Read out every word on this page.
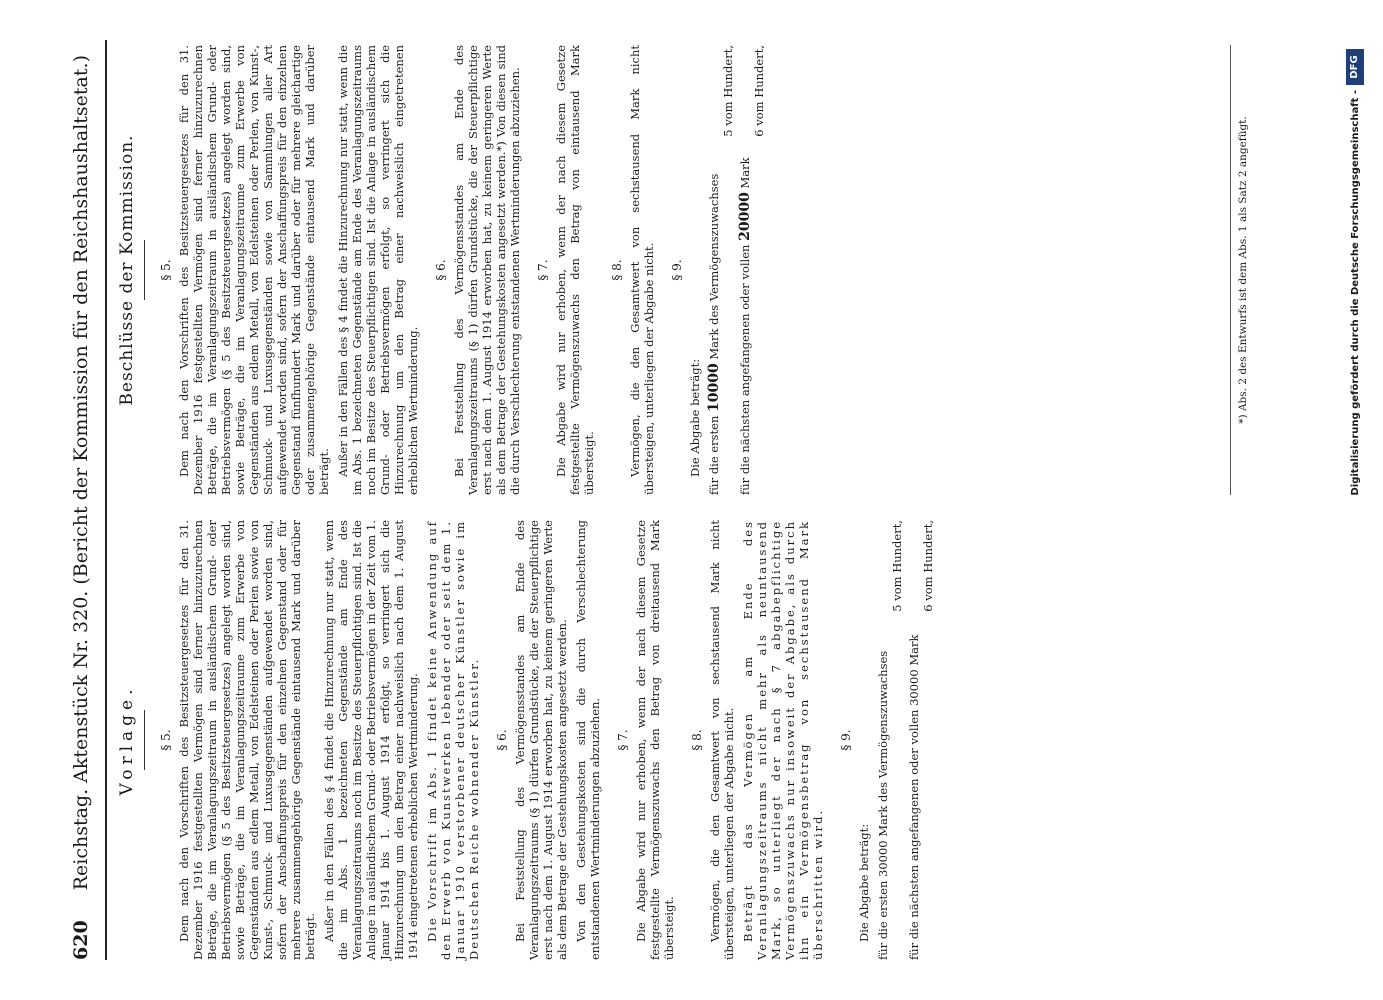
620 Reichstag. Aktenstück Nr. 320. (Bericht der Kommission für den Reichshaushaltsetat.)	Vorlage. § 5. Dem nach den Vorschriften des Besitzsteuergesetzes für den 31. Dezember 1916 festgestellten Vermögen sind ferner hinzuzurechnen Beträge, die im Veranlagungszeitraum in ausländischem Grund- oder Betriebsvermögen (§ 5 des Besitzsteuergesetzes) angelegt worden sind, sowie Beträge, die im Veranlagungszeitraume zum Erwerbe von Gegenständen aus edlem Metall, von Edelsteinen oder Perlen sowie von Kunst-, Schmuck- und Luxusgegenständen aufgewendet worden sind, sofern der Anschaffungspreis für den einzelnen Gegenstand oder für mehrere zusammengehörige Gegenstände eintausend Mark und darüber beträgt. Außer in den Fällen des § 4 findet die Hinzurechnung nur statt, wenn die im Abs. 1 bezeichneten Gegenstände am Ende des Veranlagungszeitraums noch im Besitze des Steuerpflichtigen sind. Ist die Anlage in ausländischem Grund- oder Betriebsvermögen in der Zeit vom 1. Januar 1914 bis 1. August 1914 erfolgt, so verringert sich die Hinzurechnung um den Betrag einer nachweislich nach dem 1. August 1914 eingetretenen erheblichen Wertminderung. Die Vorschrift im Abs. 1 findet keine Anwendung auf den Erwerb von Kunstwerken lebender oder seit dem 1. Januar 1910 verstorbener deutscher Künstler sowie im Deutschen Reiche wohnender Künstler. § 6. Bei Feststellung des Vermögensstandes am Ende des Veranlagungszeitraums (§ 1) dürfen Grundstücke, die der Steuerpflichtige erst nach dem 1. August 1914 erworben hat, zu keinem geringeren Werte als dem Betrage der Gestehungskosten angesetzt werden. Von den Gestehungskosten sind die durch Verschlechterung entstandenen Wertminderungen abzuziehen. § 7. Die Abgabe wird nur erhoben, wenn der nach diesem Gesetze festgestellte Vermögenszuwachs den Betrag von dreitausend Mark übersteigt.

§ 8. Vermögen, die den Gesamtwert von sechstausend Mark nicht übersteigen, unterliegen der Abgabe nicht. Beträgt das Vermögen am Ende des Veranlagungszeitraums nicht mehr als neuntausend Mark, so unterliegt der nach § 7 abgabepflichtige Vermögenszuwachs nur insoweit der Abgabe, als durch ihn ein Vermögensbetrag von sechstausend Mark überschritten wird.

§ 9.

Die Abgabe beträgt: für die ersten 30000 Mark des Vermögenszuwachses
5 vom Hundert,
für die nächsten angefangenen oder vollen 30000 Mark
6 vom Hundert,
Beschlüsse der Kommission. § 5. Dem nach den Vorschriften des Besitzsteuergesetzes für den 31. Dezember 1916 festgestellten Vermögen sind ferner hinzuzurechnen Beträge, die im Veranlagungszeitraum in ausländischem Grund- oder Betriebsvermögen (§ 5 des Besitzsteuergesetzes) angelegt worden sind, sowie Beträge, die im Veranlagungszeitraume zum Erwerbe von Gegenständen aus edlem Metall, von Edelsteinen oder Perlen, von Kunst-, Schmuck- und Luxusgegenständen sowie von Sammlungen aller Art aufgewendet worden sind, sofern der Anschaffungspreis für den einzelnen Gegenstand fünfhundert Mark und darüber oder für mehrere gleichartige oder zusammengehörige Gegenstände eintausend Mark und darüber beträgt. Außer in den Fällen des § 4 findet die Hinzurechnung nur statt, wenn die im Abs. 1 bezeichneten Gegenstände am Ende des Veranlagungszeitraums noch im Besitze des Steuerpflichtigen sind. Ist die Anlage in ausländischem Grund- oder Betriebsvermögen erfolgt, so verringert sich die Hinzurechnung um den Betrag einer nachweislich eingetretenen erheblichen Wertminderung.

§ 6. Bei Feststellung des Vermögensstandes am Ende des Veranlagungszeitraums (§ 1) dürfen Grundstücke, die der Steuerpflichtige erst nach dem 1. August 1914 erworben hat, zu keinem geringeren Werte als dem Betrage der Gestehungskosten angesetzt werden.*) Von diesen sind die durch Verschlechterung entstandenen Wertminderungen abzuziehen. § 7. Die Abgabe wird nur erhoben, wenn der nach diesem Gesetze festgestellte Vermögenszuwachs den Betrag von eintausend Mark übersteigt.

§ 8. Vermögen, die den Gesamtwert von sechstausend Mark nicht übersteigen, unterliegen der Abgabe nicht. § 9.

Die Abgabe beträgt: für die ersten 10000 Mark des Vermögenszuwachses
5 vom Hundert,
für die nächsten angefangenen oder vollen 20000 Mark
6 vom Hundert,
*) Abs. 2 des Entwurfs ist dem Abs. 1 als Satz 2 angefügt.	Digitalisierung gefördert durch die Deutsche Forschungsgemeinschaft -
DFG
